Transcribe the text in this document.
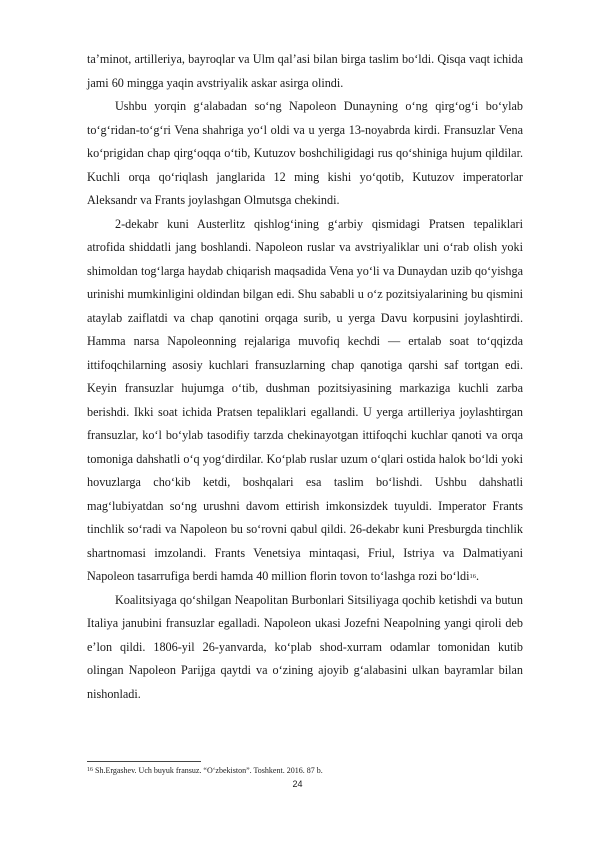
ta’minot, artilleriya, bayroqlar va Ulm qal’asi bilan birga taslim bo‘ldi. Qisqa vaqt ichida jami 60 mingga yaqin avstriyalik askar asirga olindi.

Ushbu yorqin g‘alabadan so‘ng Napoleon Dunayning o‘ng qirg‘og‘i bo‘ylab to‘g‘ridan-to‘g‘ri Vena shahriga yo‘l oldi va u yerga 13-noyabrda kirdi. Fransuzlar Vena ko‘prigidan chap qirg‘oqqa o‘tib, Kutuzov boshchiligidagi rus qo‘shiniga hujum qildilar. Kuchli orqa qo‘riqlash janglarida 12 ming kishi yo‘qotib, Kutuzov imperatorlar Aleksandr va Frants joylashgan Olmutsga chekindi.

2-dekabr kuni Austerlitz qishlog‘ining g‘arbiy qismidagi Pratsen tepaliklari atrofida shiddatli jang boshlandi. Napoleon ruslar va avstriyaliklar uni o‘rab olish yoki shimoldan tog‘larga haydab chiqarish maqsadida Vena yo‘li va Dunaydan uzib qo‘yishga urinishi mumkinligini oldindan bilgan edi. Shu sababli u o‘z pozitsiyalarining bu qismini ataylab zaiflatdi va chap qanotini orqaga surib, u yerga Davu korpusini joylashtirdi. Hamma narsa Napoleonning rejalariga muvofiq kechdi — ertalab soat to‘qqizda ittifoqchilarning asosiy kuchlari fransuzlarning chap qanotiga qarshi saf tortgan edi. Keyin fransuzlar hujumga o‘tib, dushman pozitsiyasining markaziga kuchli zarba berishdi. Ikki soat ichida Pratsen tepaliklari egallandi. U yerga artilleriya joylashtirgan fransuzlar, ko‘l bo‘ylab tasodifiy tarzda chekinayotgan ittifoqchi kuchlar qanoti va orqa tomoniga dahshatli o‘q yog‘dirdilar. Ko‘plab ruslar uzum o‘qlari ostida halok bo‘ldi yoki hovuzlarga cho‘kib ketdi, boshqalari esa taslim bo‘lishdi. Ushbu dahshatli mag‘lubiyatdan so‘ng urushni davom ettirish imkonsizdek tuyuldi. Imperator Frants tinchlik so‘radi va Napoleon bu so‘rovni qabul qildi. 26-dekabr kuni Presburgda tinchlik shartnomasi imzolandi. Frants Venetsiya mintaqasi, Friul, Istriya va Dalmatiyani Napoleon tasarrufiga berdi hamda 40 million florin tovon to‘lashga rozi bo‘ldi$^{16}$.

Koalitsiyaga qo‘shilgan Neapolitan Burbonlari Sitsiliyaga qochib ketishdi va butun Italiya janubini fransuzlar egalladi. Napoleon ukasi Jozefni Neapolning yangi qiroli deb e’lon qildi. 1806-yil 26-yanvarda, ko‘plab shod-xurram odamlar tomonidan kutib olingan Napoleon Parijga qaytdi va o‘zining ajoyib g‘alabasini ulkan bayramlar bilan nishonladi.

$^{16}$ Sh.Ergashev. Uch buyuk fransuz. “O‘zbekiston”. Toshkent. 2016. 87 b.
24
